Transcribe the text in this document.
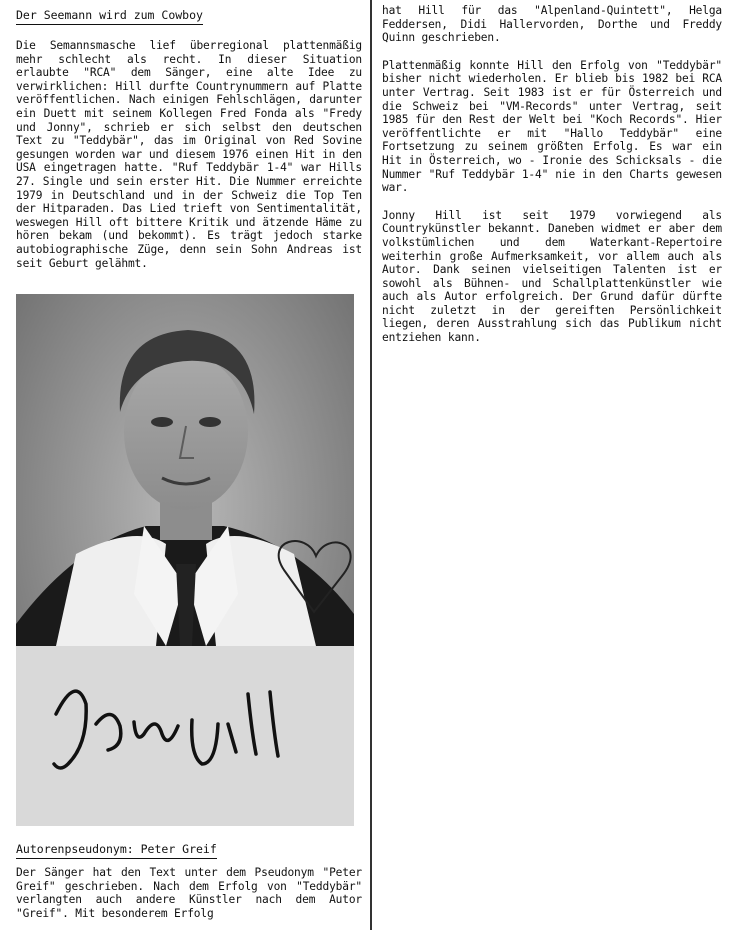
Der Seemann wird zum Cowboy

Die Semannsmasche lief überregional plattenmäßig mehr schlecht als recht. In dieser Situation erlaubte "RCA" dem Sänger, eine alte Idee zu verwirklichen: Hill durfte Countrynummern auf Platte veröffentlichen. Nach einigen Fehlschlägen, darunter ein Duett mit seinem Kollegen Fred Fonda als "Fredy und Jonny", schrieb er sich selbst den deutschen Text zu "Teddybär", das im Original von Red Sovine gesungen worden war und diesem 1976 einen Hit in den USA eingetragen hatte. "Ruf Teddybär 1-4" war Hills 27. Single und sein erster Hit. Die Nummer erreichte 1979 in Deutschland und in der Schweiz die Top Ten der Hitparaden. Das Lied trieft von Sentimentalität, weswegen Hill oft bittere Kritik und ätzende Häme zu hören bekam (und bekommt). Es trägt jedoch starke autobiographische Züge, denn sein Sohn Andreas ist seit Geburt gelähmt.

Autorenpseudonym: Peter Greif

Der Sänger hat den Text unter dem Pseudonym "Peter Greif" geschrieben. Nach dem Erfolg von "Teddybär" verlangten auch andere Künstler nach dem Autor "Greif". Mit besonderem Erfolg

hat Hill für das "Alpenland-Quintett", Helga Feddersen, Didi Hallervorden, Dorthe und Freddy Quinn geschrieben.

Plattenmäßig konnte Hill den Erfolg von "Teddybär" bisher nicht wiederholen. Er blieb bis 1982 bei RCA unter Vertrag. Seit 1983 ist er für Österreich und die Schweiz bei "VM-Records" unter Vertrag, seit 1985 für den Rest der Welt bei "Koch Records". Hier veröffentlichte er mit "Hallo Teddybär" eine Fortsetzung zu seinem größten Erfolg. Es war ein Hit in Österreich, wo - Ironie des Schicksals - die Nummer "Ruf Teddybär 1-4" nie in den Charts gewesen war.

Jonny Hill ist seit 1979 vorwiegend als Countrykünstler bekannt. Daneben widmet er aber dem volkstümlichen und dem Waterkant-Repertoire weiterhin große Aufmerksamkeit, vor allem auch als Autor. Dank seinen vielseitigen Talenten ist er sowohl als Bühnen- und Schallplattenkünstler wie auch als Autor erfolgreich. Der Grund dafür dürfte nicht zuletzt in der gereiften Persönlichkeit liegen, deren Ausstrahlung sich das Publikum nicht entziehen kann.
